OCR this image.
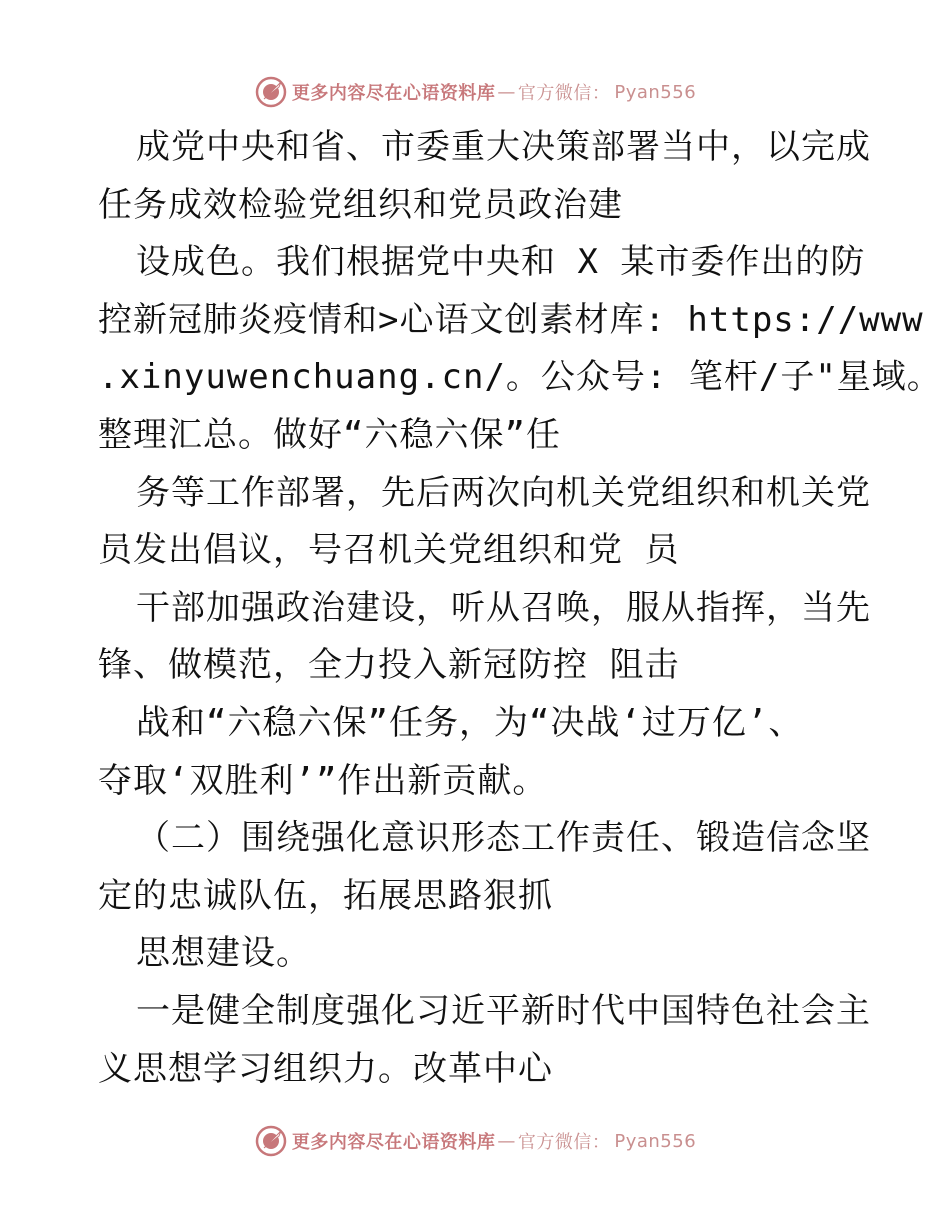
更多内容尽在心语资料库 — 官方微信： Pyan556
成党中央和省、市委重大决策部署当中，以完成
任务成效检验党组织和党员政治建
设成色。我们根据党中央和 X 某市委作出的防
控新冠肺炎疫情和>心语文创素材库: https://www
.xinyuwenchuang.cn/。公众号: 笔杆/子"星域。
整理汇总。做好“六稳六保”任
务等工作部署，先后两次向机关党组织和机关党
员发出倡议，号召机关党组织和党 员
干部加强政治建设，听从召唤，服从指挥，当先
锋、做模范，全力投入新冠防控 阻击
战和“六稳六保”任务，为“决战‘过万亿’、
夺取‘双胜利’”作出新贡献。
（二）围绕强化意识形态工作责任、锻造信念坚
定的忠诚队伍，拓展思路狠抓
思想建设。
一是健全制度强化习近平新时代中国特色社会主
义思想学习组织力。改革中心
更多内容尽在心语资料库 — 官方微信： Pyan556
